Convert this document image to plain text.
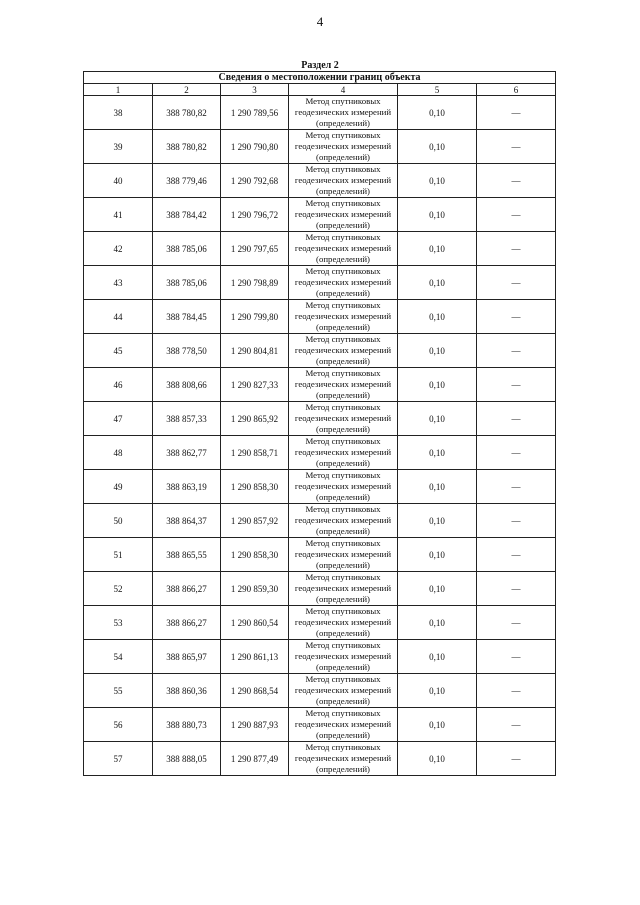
4
Раздел 2
Сведения о местоположении границ объекта					
1	2	3	4	5	6
38	388 780,82	1 290 789,56	Метод спутниковых геодезических измерений (определений)	0,10	—
39	388 780,82	1 290 790,80	Метод спутниковых геодезических измерений (определений)	0,10	—
40	388 779,46	1 290 792,68	Метод спутниковых геодезических измерений (определений)	0,10	—
41	388 784,42	1 290 796,72	Метод спутниковых геодезических измерений (определений)	0,10	—
42	388 785,06	1 290 797,65	Метод спутниковых геодезических измерений (определений)	0,10	—
43	388 785,06	1 290 798,89	Метод спутниковых геодезических измерений (определений)	0,10	—
44	388 784,45	1 290 799,80	Метод спутниковых геодезических измерений (определений)	0,10	—
45	388 778,50	1 290 804,81	Метод спутниковых геодезических измерений (определений)	0,10	—
46	388 808,66	1 290 827,33	Метод спутниковых геодезических измерений (определений)	0,10	—
47	388 857,33	1 290 865,92	Метод спутниковых геодезических измерений (определений)	0,10	—
48	388 862,77	1 290 858,71	Метод спутниковых геодезических измерений (определений)	0,10	—
49	388 863,19	1 290 858,30	Метод спутниковых геодезических измерений (определений)	0,10	—
50	388 864,37	1 290 857,92	Метод спутниковых геодезических измерений (определений)	0,10	—
51	388 865,55	1 290 858,30	Метод спутниковых геодезических измерений (определений)	0,10	—
52	388 866,27	1 290 859,30	Метод спутниковых геодезических измерений (определений)	0,10	—
53	388 866,27	1 290 860,54	Метод спутниковых геодезических измерений (определений)	0,10	—
54	388 865,97	1 290 861,13	Метод спутниковых геодезических измерений (определений)	0,10	—
55	388 860,36	1 290 868,54	Метод спутниковых геодезических измерений (определений)	0,10	—
56	388 880,73	1 290 887,93	Метод спутниковых геодезических измерений (определений)	0,10	—
57	388 888,05	1 290 877,49	Метод спутниковых геодезических измерений (определений)	0,10	—
